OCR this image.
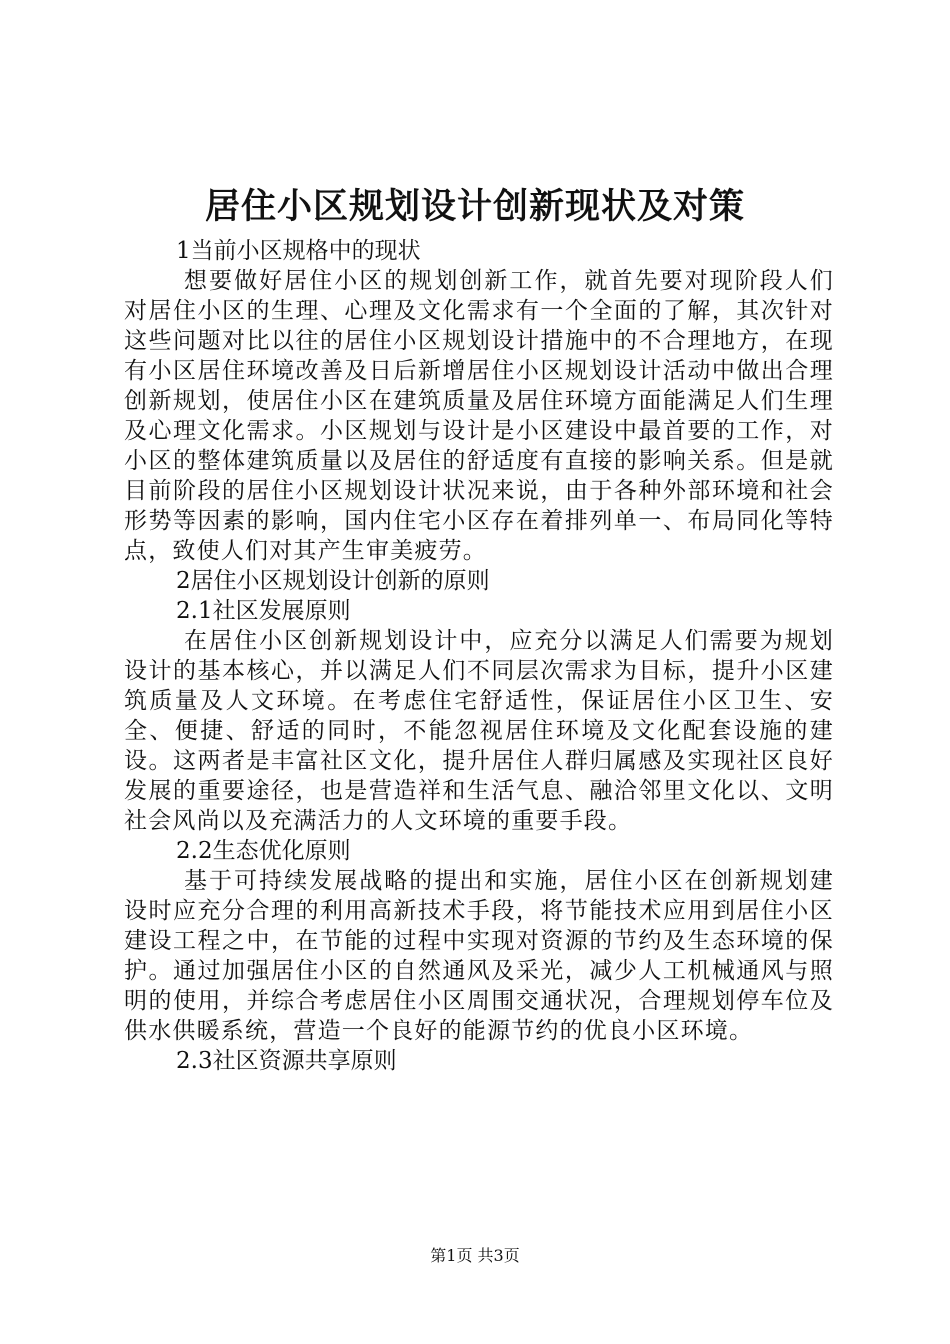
居住小区规划设计创新现状及对策

1当前小区规格中的现状

想要做好居住小区的规划创新工作，就首先要对现阶段人们对居住小区的生理、心理及文化需求有一个全面的了解，其次针对这些问题对比以往的居住小区规划设计措施中的不合理地方，在现有小区居住环境改善及日后新增居住小区规划设计活动中做出合理创新规划，使居住小区在建筑质量及居住环境方面能满足人们生理及心理文化需求。小区规划与设计是小区建设中最首要的工作，对小区的整体建筑质量以及居住的舒适度有直接的影响关系。但是就目前阶段的居住小区规划设计状况来说，由于各种外部环境和社会形势等因素的影响，国内住宅小区存在着排列单一、布局同化等特点，致使人们对其产生审美疲劳。

2居住小区规划设计创新的原则

2.1社区发展原则

在居住小区创新规划设计中，应充分以满足人们需要为规划设计的基本核心，并以满足人们不同层次需求为目标，提升小区建筑质量及人文环境。在考虑住宅舒适性，保证居住小区卫生、安全、便捷、舒适的同时，不能忽视居住环境及文化配套设施的建设。这两者是丰富社区文化，提升居住人群归属感及实现社区良好发展的重要途径，也是营造祥和生活气息、融洽邻里文化以、文明社会风尚以及充满活力的人文环境的重要手段。

2.2生态优化原则

基于可持续发展战略的提出和实施，居住小区在创新规划建设时应充分合理的利用高新技术手段，将节能技术应用到居住小区建设工程之中，在节能的过程中实现对资源的节约及生态环境的保护。通过加强居住小区的自然通风及采光，减少人工机械通风与照明的使用，并综合考虑居住小区周围交通状况，合理规划停车位及供水供暖系统，营造一个良好的能源节约的优良小区环境。

2.3社区资源共享原则

第1页 共3页
